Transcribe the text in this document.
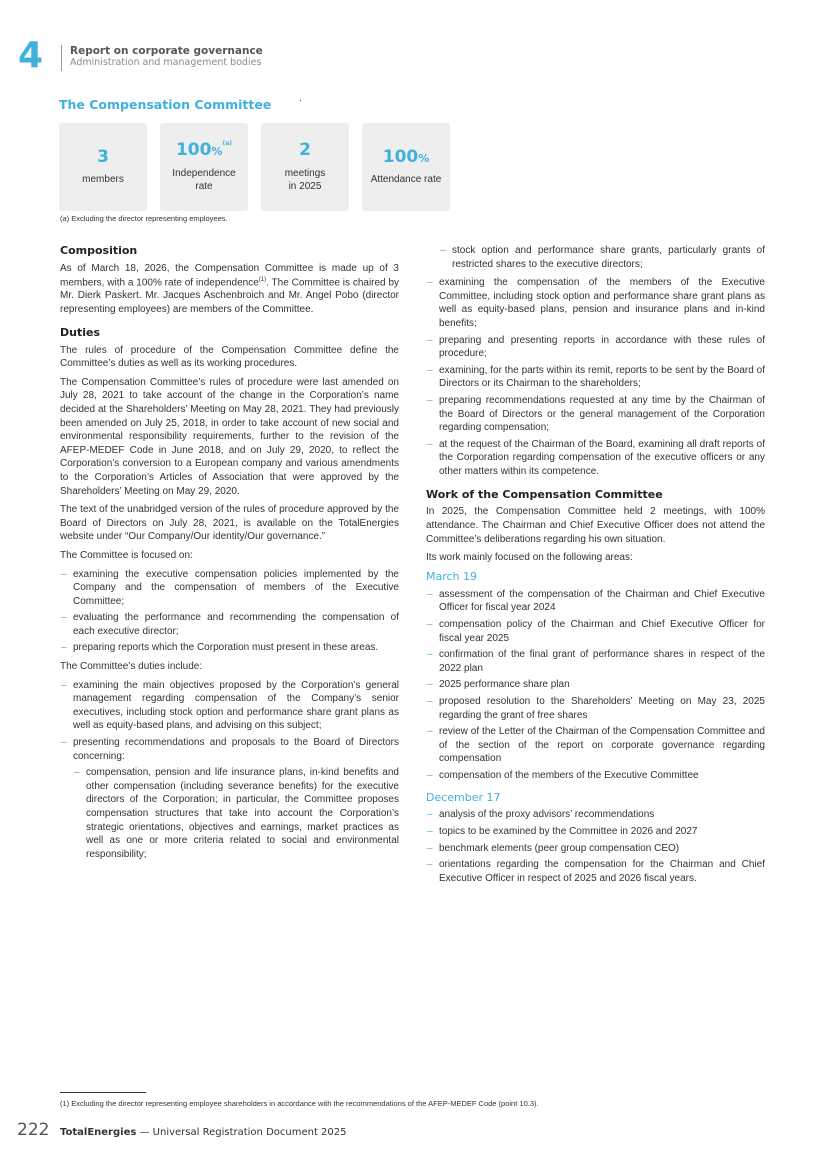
4	Report on corporate governance
Administration and management bodies
The Compensation Committee
3
members
100%$^{(a)}$
Independence
rate
2
meetings
in 2025
100%
Attendance rate
(a) Excluding the director representing employees.
Composition

As of March 18, 2026, the Compensation Committee is made up of 3 members, with a 100% rate of independence$^{(1)}$. The Committee is chaired by Mr. Dierk Paskert. Mr. Jacques Aschenbroich and Mr. Angel Pobo (director representing employees) are members of the Committee.

Duties

The rules of procedure of the Compensation Committee define the Committee’s duties as well as its working procedures.

The Compensation Committee’s rules of procedure were last amended on July 28, 2021 to take account of the change in the Corporation’s name decided at the Shareholders’ Meeting on May 28, 2021. They had previously been amended on July 25, 2018, in order to take account of new social and environmental responsibility requirements, further to the revision of the AFEP-MEDEF Code in June 2018, and on July 29, 2020, to reflect the Corporation’s conversion to a European company and various amendments to the Corporation’s Articles of Association that were approved by the Shareholders’ Meeting on May 29, 2020.

The text of the unabridged version of the rules of procedure approved by the Board of Directors on July 28, 2021, is available on the TotalEnergies website under “Our Company/Our identity/Our governance.”

The Committee is focused on:

– examining the executive compensation policies implemented by the Company and the compensation of members of the Executive Committee;
– evaluating the performance and recommending the compensation of each executive director;
– preparing reports which the Corporation must present in these areas.

The Committee’s duties include:

– examining the main objectives proposed by the Corporation’s general management regarding compensation of the Company’s senior executives, including stock option and performance share grant plans as well as equity-based plans, and advising on this subject;
– presenting recommendations and proposals to the Board of Directors concerning:
– compensation, pension and life insurance plans, in-kind benefits and other compensation (including severance benefits) for the executive directors of the Corporation; in particular, the Committee proposes compensation structures that take into account the Corporation’s strategic orientations, objectives and earnings, market practices as well as one or more criteria related to social and environmental responsibility;
– stock option and performance share grants, particularly grants of restricted shares to the executive directors;
– examining the compensation of the members of the Executive Committee, including stock option and performance share grant plans as well as equity-based plans, pension and insurance plans and in-kind benefits;
– preparing and presenting reports in accordance with these rules of procedure;
– examining, for the parts within its remit, reports to be sent by the Board of Directors or its Chairman to the shareholders;
– preparing recommendations requested at any time by the Chairman of the Board of Directors or the general management of the Corporation regarding compensation;
– at the request of the Chairman of the Board, examining all draft reports of the Corporation regarding compensation of the executive officers or any other matters within its competence.
Work of the Compensation Committee

In 2025, the Compensation Committee held 2 meetings, with 100% attendance. The Chairman and Chief Executive Officer does not attend the Committee’s deliberations regarding his own situation.

Its work mainly focused on the following areas:

March 19
– assessment of the compensation of the Chairman and Chief Executive Officer for fiscal year 2024
– compensation policy of the Chairman and Chief Executive Officer for fiscal year 2025
– confirmation of the final grant of performance shares in respect of the 2022 plan
– 2025 performance share plan
– proposed resolution to the Shareholders’ Meeting on May 23, 2025 regarding the grant of free shares
– review of the Letter of the Chairman of the Compensation Committee and of the section of the report on corporate governance regarding compensation
– compensation of the members of the Executive Committee
December 17
– analysis of the proxy advisors’ recommendations
– topics to be examined by the Committee in 2026 and 2027
– benchmark elements (peer group compensation CEO)
– orientations regarding the compensation for the Chairman and Chief Executive Officer in respect of 2025 and 2026 fiscal years.
(1) Excluding the director representing employee shareholders in accordance with the recommendations of the AFEP-MEDEF Code (point 10.3).
222 TotalEnergies — Universal Registration Document 2025
